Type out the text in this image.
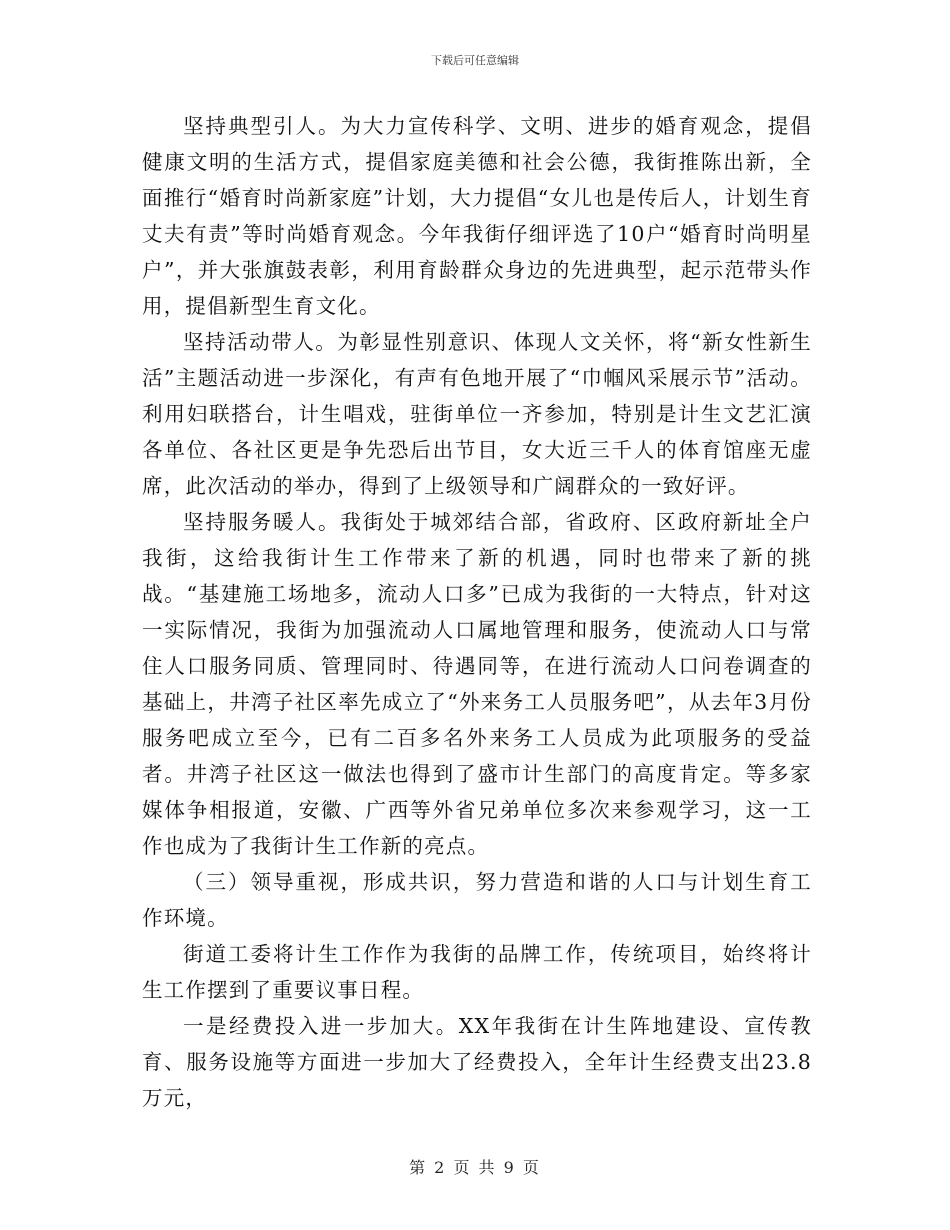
下载后可任意编辑

坚持典型引人。为大力宣传科学、文明、进步的婚育观念，提倡健康文明的生活方式，提倡家庭美德和社会公德，我街推陈出新，全面推行“婚育时尚新家庭”计划，大力提倡“女儿也是传后人，计划生育丈夫有责”等时尚婚育观念。今年我街仔细评选了10户“婚育时尚明星户”，并大张旗鼓表彰，利用育龄群众身边的先进典型，起示范带头作用，提倡新型生育文化。

坚持活动带人。为彰显性别意识、体现人文关怀，将“新女性新生活”主题活动进一步深化，有声有色地开展了“巾帼风采展示节”活动。利用妇联搭台，计生唱戏，驻街单位一齐参加，特别是计生文艺汇演各单位、各社区更是争先恐后出节目，女大近三千人的体育馆座无虚席，此次活动的举办，得到了上级领导和广阔群众的一致好评。

坚持服务暖人。我街处于城郊结合部，省政府、区政府新址全户我街，这给我街计生工作带来了新的机遇，同时也带来了新的挑战。“基建施工场地多，流动人口多”已成为我街的一大特点，针对这一实际情况，我街为加强流动人口属地管理和服务，使流动人口与常住人口服务同质、管理同时、待遇同等，在进行流动人口问卷调查的基础上，井湾子社区率先成立了“外来务工人员服务吧”，从去年3月份服务吧成立至今，已有二百多名外来务工人员成为此项服务的受益者。井湾子社区这一做法也得到了盛市计生部门的高度肯定。等多家媒体争相报道，安徽、广西等外省兄弟单位多次来参观学习，这一工作也成为了我街计生工作新的亮点。

（三）领导重视，形成共识，努力营造和谐的人口与计划生育工作环境。

街道工委将计生工作作为我街的品牌工作，传统项目，始终将计生工作摆到了重要议事日程。

一是经费投入进一步加大。XX年我街在计生阵地建设、宣传教育、服务设施等方面进一步加大了经费投入，全年计生经费支出23.8万元，

第 2 页 共 9 页
